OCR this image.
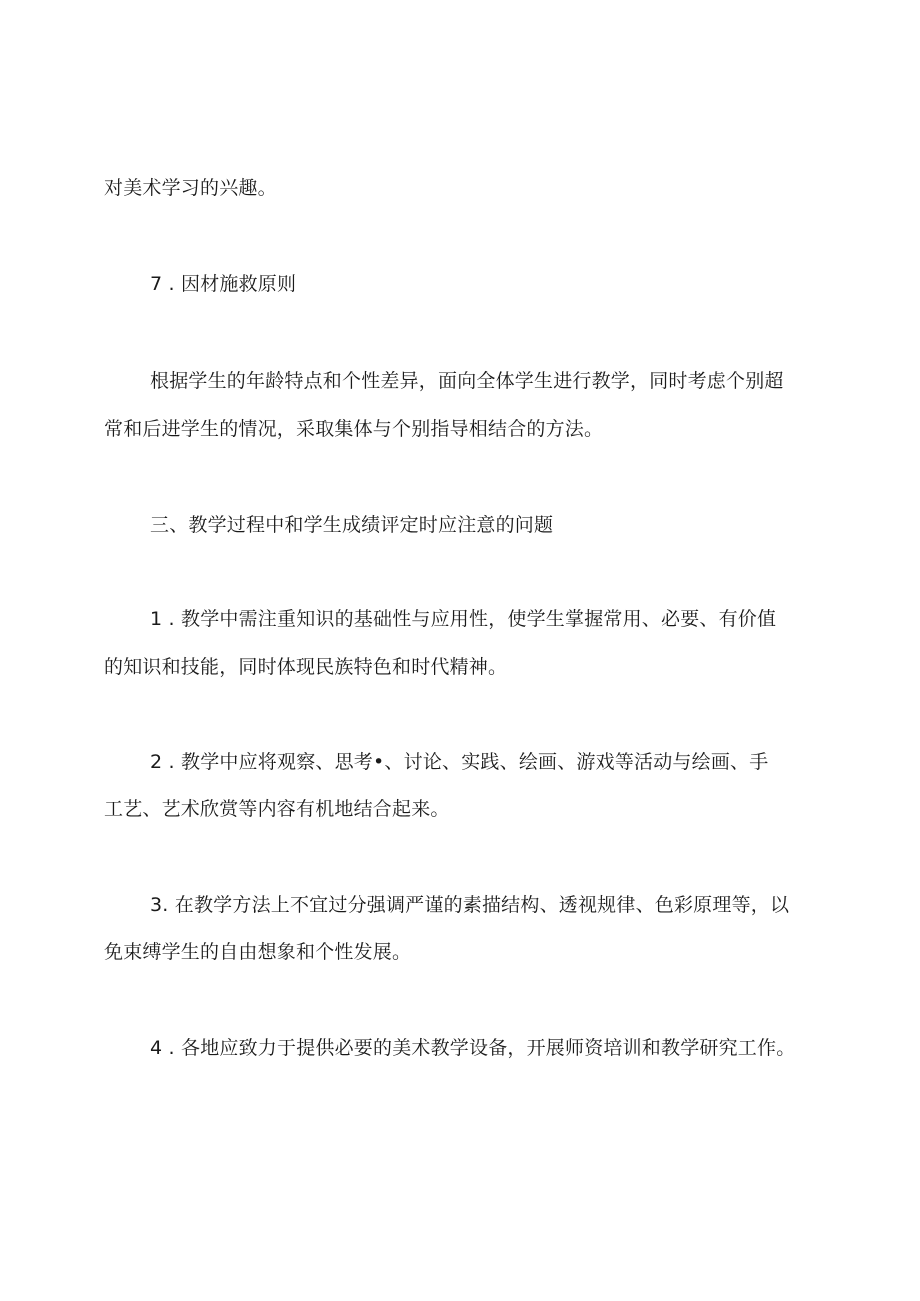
对美术学习的兴趣。
7 . 因材施救原则
根据学生的年龄特点和个性差异，面向全体学生进行教学，同时考虑个别超
常和后进学生的情况，采取集体与个别指导相结合的方法。
三、教学过程中和学生成绩评定时应注意的问题
1 . 教学中需注重知识的基础性与应用性，使学生掌握常用、必要、有价值
的知识和技能，同时体现民族特色和时代精神。
2 . 教学中应将观察、思考•、讨论、实践、绘画、游戏等活动与绘画、手
工艺、艺术欣赏等内容有机地结合起来。
3. 在教学方法上不宜过分强调严谨的素描结构、透视规律、色彩原理等，以
免束缚学生的自由想象和个性发展。
4 . 各地应致力于提供必要的美术教学设备，开展师资培训和教学研究工作。
